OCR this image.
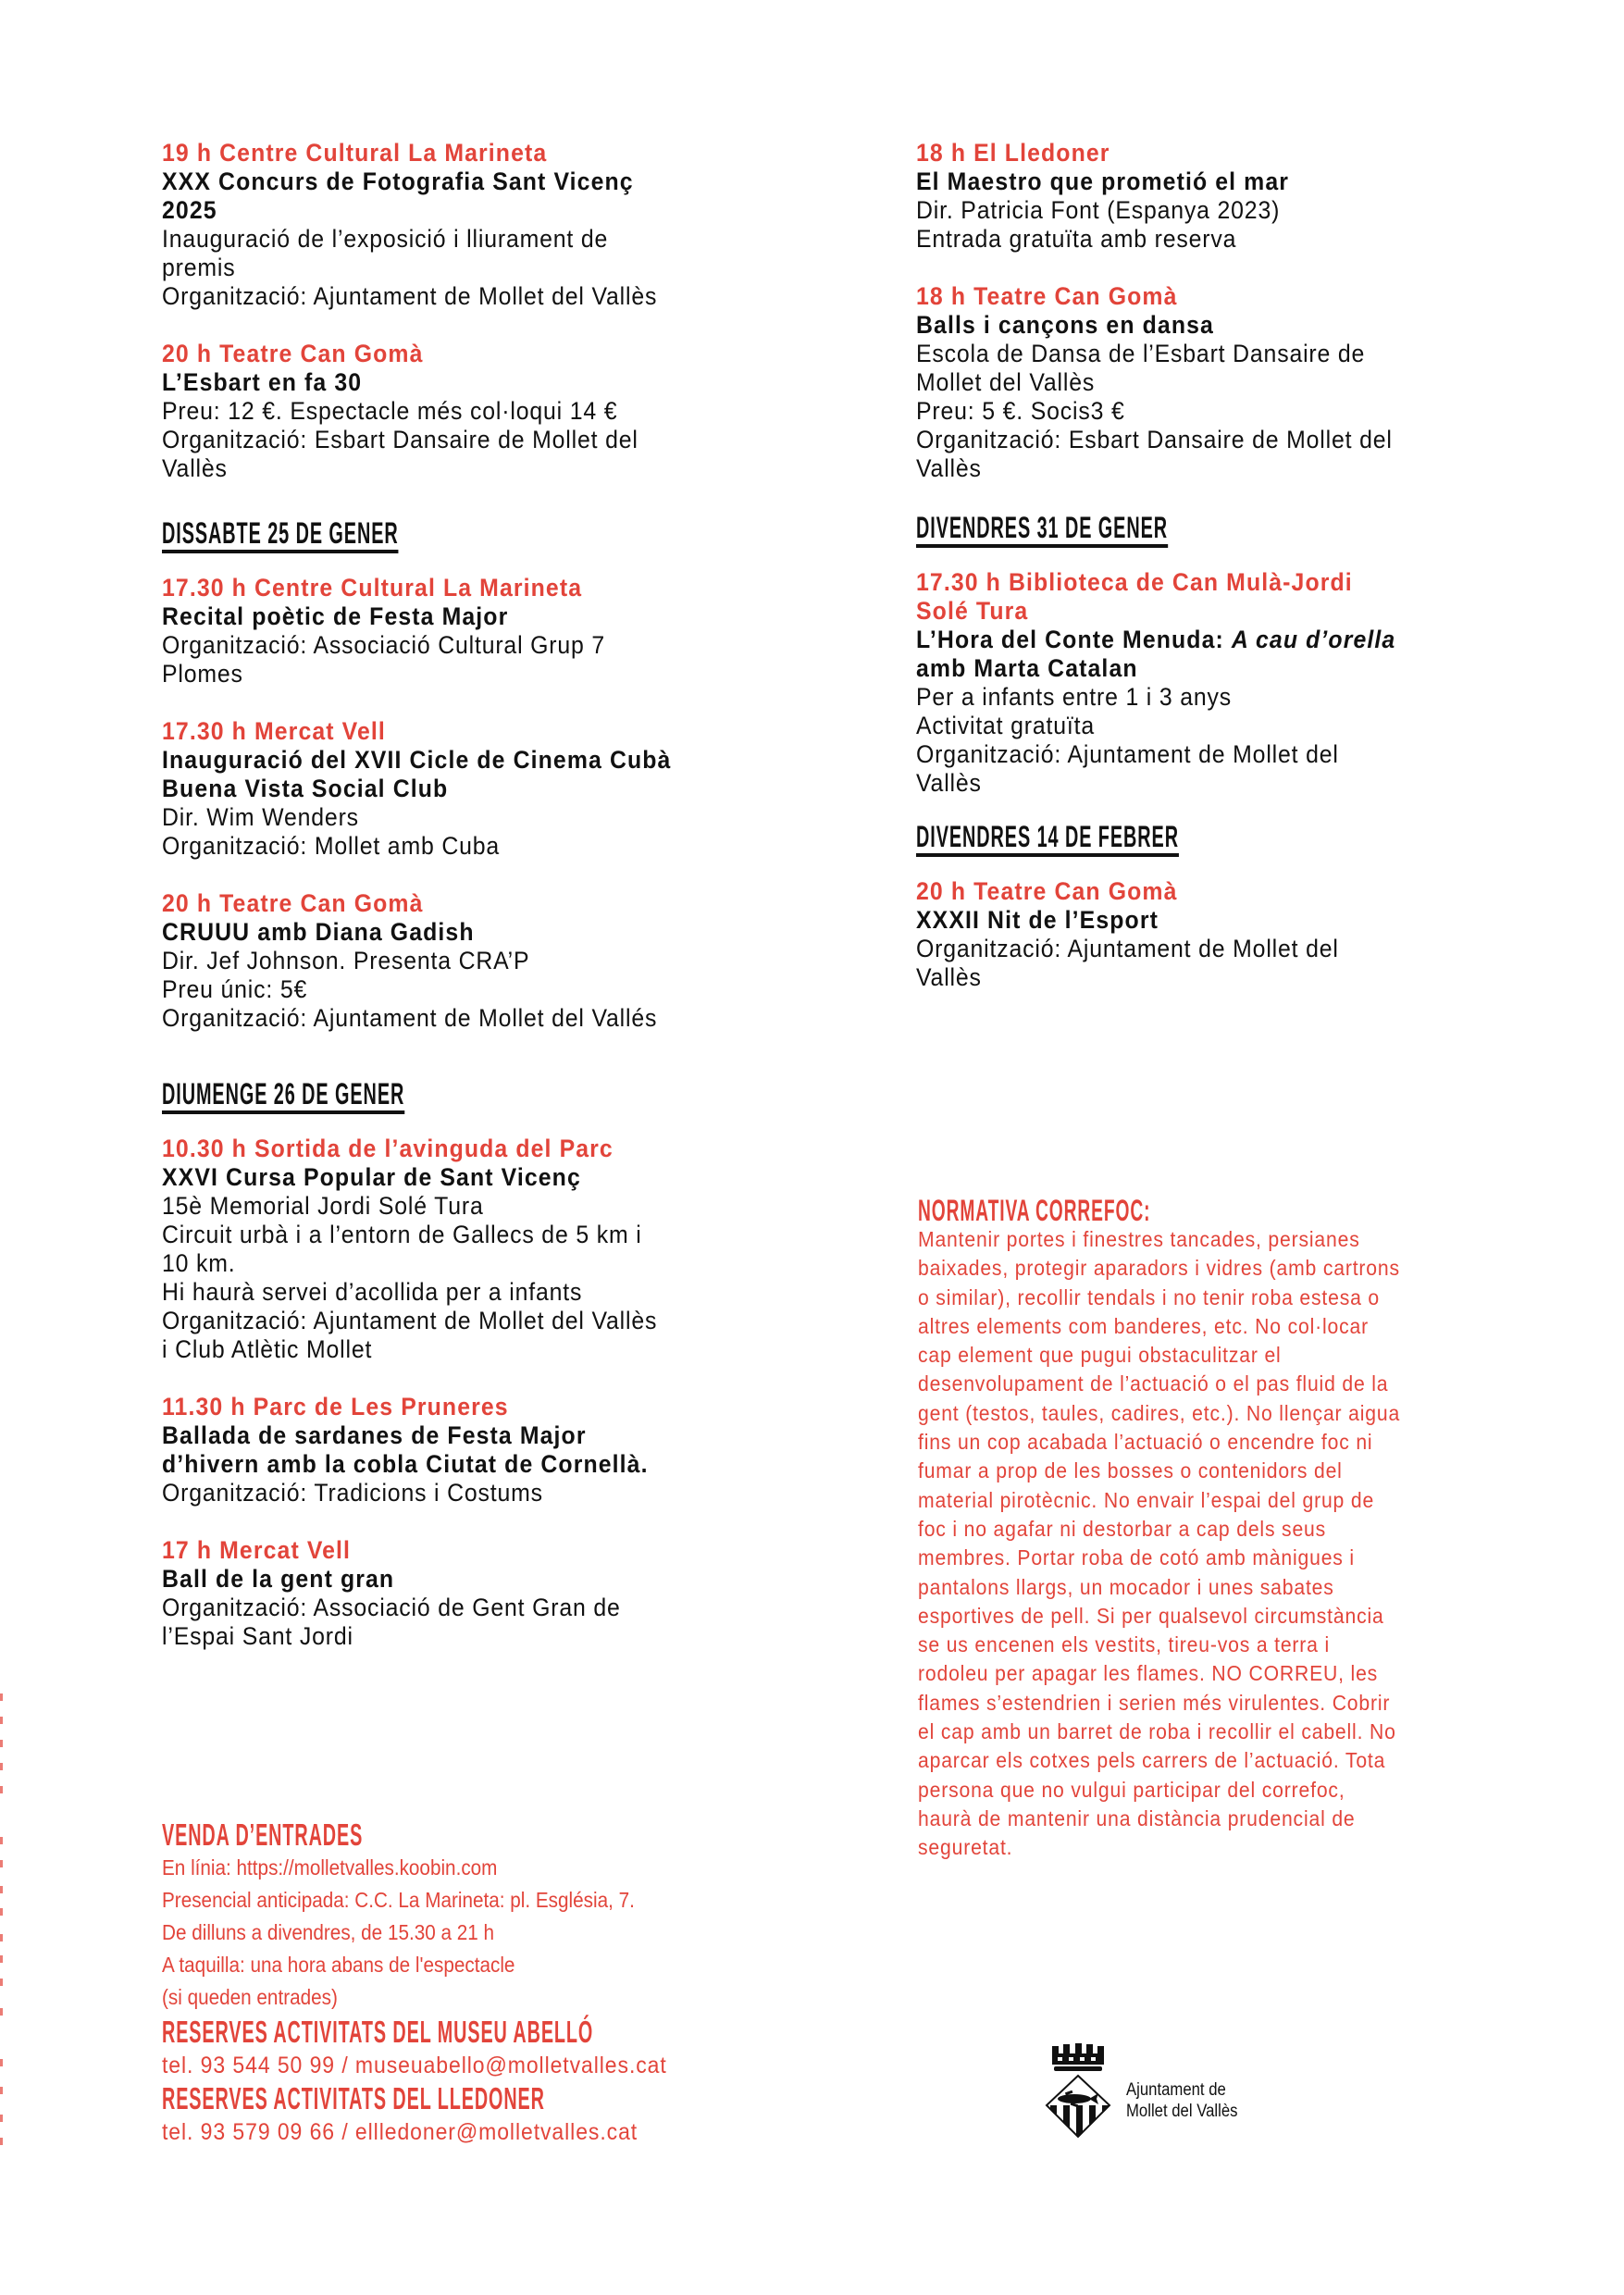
19 h Centre Cultural La Marineta
XXX Concurs de Fotografia Sant Vicenç
2025
Inauguració de l’exposició i lliurament de
premis
Organització: Ajuntament de Mollet del Vallès
20 h Teatre Can Gomà
L’Esbart en fa 30
Preu: 12 €. Espectacle més col·loqui 14 €
Organització: Esbart Dansaire de Mollet del
Vallès
DISSABTE 25 DE GENER
17.30 h Centre Cultural La Marineta
Recital poètic de Festa Major
Organització: Associació Cultural Grup 7
Plomes
17.30 h Mercat Vell
Inauguració del XVII Cicle de Cinema Cubà
Buena Vista Social Club
Dir. Wim Wenders
Organització: Mollet amb Cuba
20 h Teatre Can Gomà
CRUUU amb Diana Gadish
Dir. Jef Johnson. Presenta CRA’P
Preu únic: 5€
Organització: Ajuntament de Mollet del Vallés
DIUMENGE 26 DE GENER
10.30 h Sortida de l’avinguda del Parc
XXVI Cursa Popular de Sant Vicenç
15è Memorial Jordi Solé Tura
Circuit urbà i a l’entorn de Gallecs de 5 km i
10 km.
Hi haurà servei d’acollida per a infants
Organització: Ajuntament de Mollet del Vallès
i Club Atlètic Mollet
11.30 h Parc de Les Pruneres
Ballada de sardanes de Festa Major
d’hivern amb la cobla Ciutat de Cornellà.
Organització: Tradicions i Costums
17 h Mercat Vell
Ball de la gent gran
Organització: Associació de Gent Gran de
l’Espai Sant Jordi
VENDA D’ENTRADES
En línia: https://molletvalles.koobin.com
Presencial anticipada: C.C. La Marineta: pl. Església, 7.
De dilluns a divendres, de 15.30 a 21 h
A taquilla: una hora abans de l'espectacle
(si queden entrades)
RESERVES ACTIVITATS DEL MUSEU ABELLÓ
tel. 93 544 50 99 / museuabello@molletvalles.cat
RESERVES ACTIVITATS DEL LLEDONER
tel. 93 579 09 66 / ellledoner@molletvalles.cat
18 h El Lledoner
El Maestro que prometió el mar
Dir. Patricia Font (Espanya 2023)
Entrada gratuïta amb reserva
18 h Teatre Can Gomà
Balls i cançons en dansa
Escola de Dansa de l’Esbart Dansaire de
Mollet del Vallès
Preu: 5 €. Socis3 €
Organització: Esbart Dansaire de Mollet del
Vallès
DIVENDRES 31 DE GENER
17.30 h Biblioteca de Can Mulà-Jordi
Solé Tura
L’Hora del Conte Menuda: A cau d’orella
amb Marta Catalan
Per a infants entre 1 i 3 anys
Activitat gratuïta
Organització: Ajuntament de Mollet del
Vallès
DIVENDRES 14 DE FEBRER
20 h Teatre Can Gomà
XXXII Nit de l’Esport
Organització: Ajuntament de Mollet del
Vallès
NORMATIVA CORREFOC:
Mantenir portes i finestres tancades, persianes
baixades, protegir aparadors i vidres (amb cartrons
o similar), recollir tendals i no tenir roba estesa o
altres elements com banderes, etc. No col·locar
cap element que pugui obstaculitzar el
desenvolupament de l’actuació o el pas fluid de la
gent (testos, taules, cadires, etc.). No llençar aigua
fins un cop acabada l’actuació o encendre foc ni
fumar a prop de les bosses o contenidors del
material pirotècnic. No envair l’espai del grup de
foc i no agafar ni destorbar a cap dels seus
membres. Portar roba de cotó amb mànigues i
pantalons llargs, un mocador i unes sabates
esportives de pell. Si per qualsevol circumstància
se us encenen els vestits, tireu-vos a terra i
rodoleu per apagar les flames. NO CORREU, les
flames s’estendrien i serien més virulentes. Cobrir
el cap amb un barret de roba i recollir el cabell. No
aparcar els cotxes pels carrers de l’actuació. Tota
persona que no vulgui participar del correfoc,
haurà de mantenir una distància prudencial de
seguretat.
Ajuntament de
Mollet del Vallès
